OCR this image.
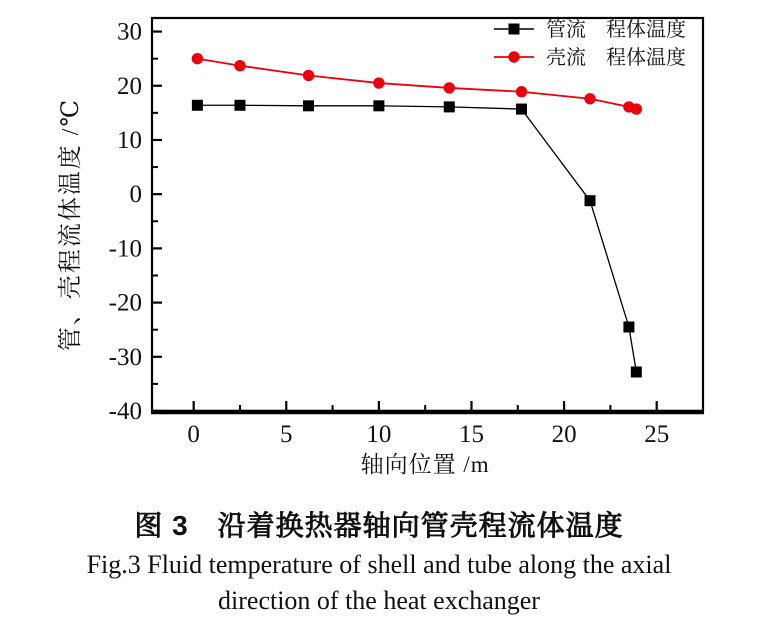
0	5	10	15	20	25
30
20
10
0
-10
-20
-30
-40
轴向位置 /m
管、壳程流体温度 /℃
管流　程体温度
壳流　程体温度
图 3　沿着换热器轴向管壳程流体温度
Fig.3 Fluid temperature of shell and tube along the axial
direction of the heat exchanger
